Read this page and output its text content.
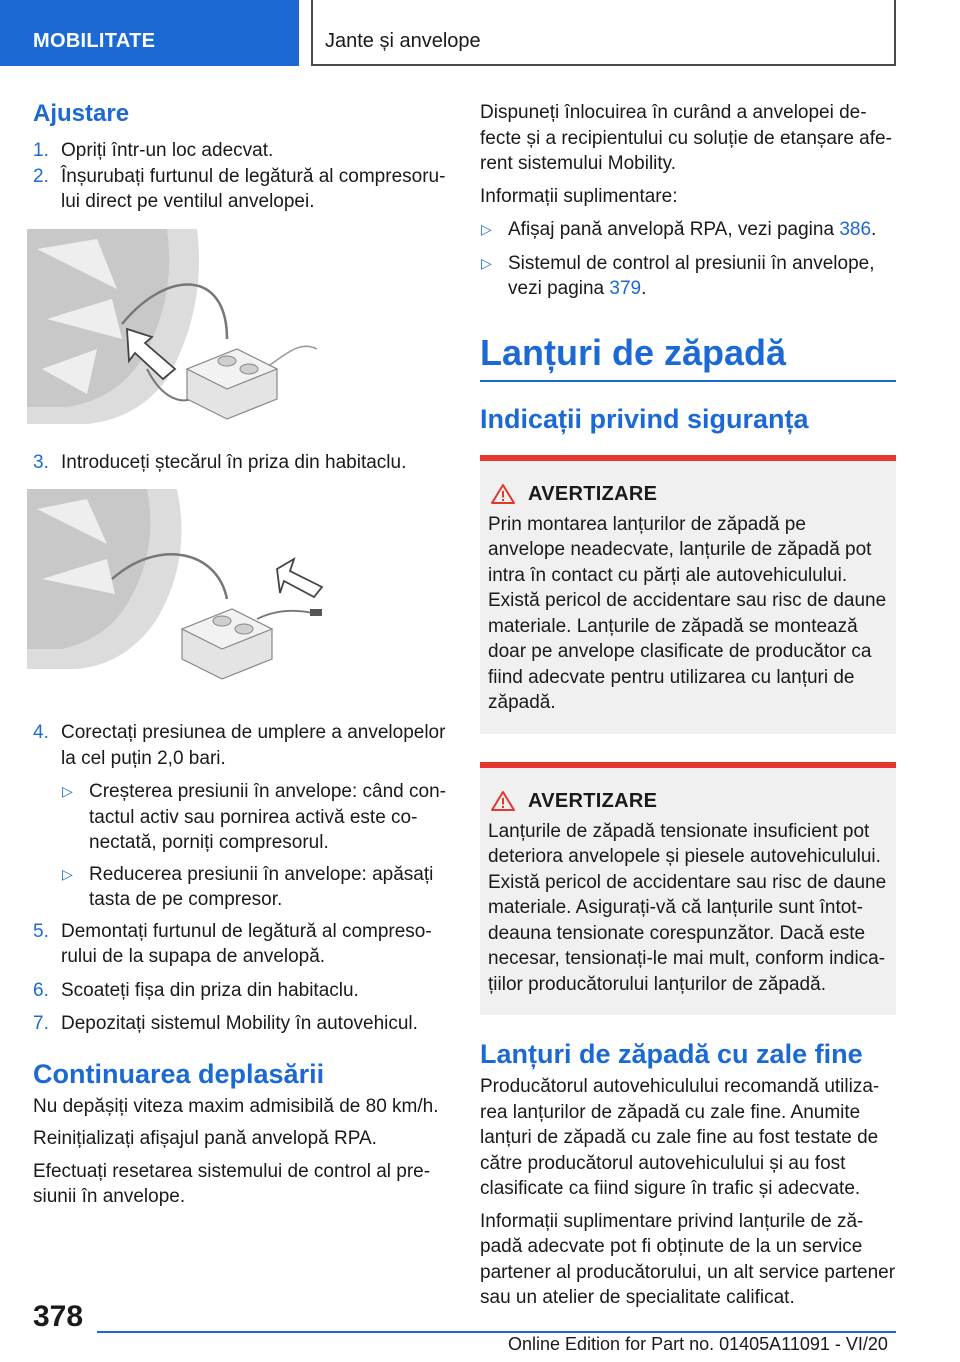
MOBILITATE	Jante și anvelope
Ajustare
1. Opriți într-un loc adecvat.
2. Înșurubați furtunul de legătură al compresorului direct pe ventilul anvelopei.
3. Introduceți ștecărul în priza din habitaclu.
4. Corectați presiunea de umplere a anvelopelor la cel puțin 2,0 bari.
▷ Creșterea presiunii în anvelope: când contactul activ sau pornirea activă este conectată, porniți compresorul.
▷ Reducerea presiunii în anvelope: apăsați tasta de pe compresor.
5. Demontați furtunul de legătură al compresorului de la supapa de anvelopă.
6. Scoateți fișa din priza din habitaclu.
7. Depozitați sistemul Mobility în autovehicul.
Continuarea deplasării

Nu depășiți viteza maxim admisibilă de 80 km/h.

Reinițializați afișajul pană anvelopă RPA.

Efectuați resetarea sistemului de control al presiunii în anvelope.

Dispuneți înlocuirea în curând a anvelopei defecte și a recipientului cu soluție de etanșare aferent sistemului Mobility.

Informații suplimentare:

▷ Afișaj pană anvelopă RPA, vezi pagina 386.
▷ Sistemul de control al presiunii în anvelope, vezi pagina 379.
Lanțuri de zăpadă
Indicații privind siguranța
AVERTIZARE

Prin montarea lanțurilor de zăpadă pe anvelope neadecvate, lanțurile de zăpadă pot intra în contact cu părți ale autovehiculului. Există pericol de accidentare sau risc de daune materiale. Lanțurile de zăpadă se montează doar pe anvelope clasificate de producător ca fiind adecvate pentru utilizarea cu lanțuri de zăpadă.

AVERTIZARE

Lanțurile de zăpadă tensionate insuficient pot deteriora anvelopele și piesele autovehiculului. Există pericol de accidentare sau risc de daune materiale. Asigurați-vă că lanțurile sunt întotdeauna tensionate corespunzător. Dacă este necesar, tensionați-le mai mult, conform indicațiilor producătorului lanțurilor de zăpadă.

Lanțuri de zăpadă cu zale fine

Producătorul autovehiculului recomandă utilizarea lanțurilor de zăpadă cu zale fine. Anumite lanțuri de zăpadă cu zale fine au fost testate de către producătorul autovehiculului și au fost clasificate ca fiind sigure în trafic și adecvate.

Informații suplimentare privind lanțurile de zăpadă adecvate pot fi obținute de la un service partener al producătorului, un alt service partener sau un atelier de specialitate calificat.

378
Online Edition for Part no. 01405A11091 - VI/20
